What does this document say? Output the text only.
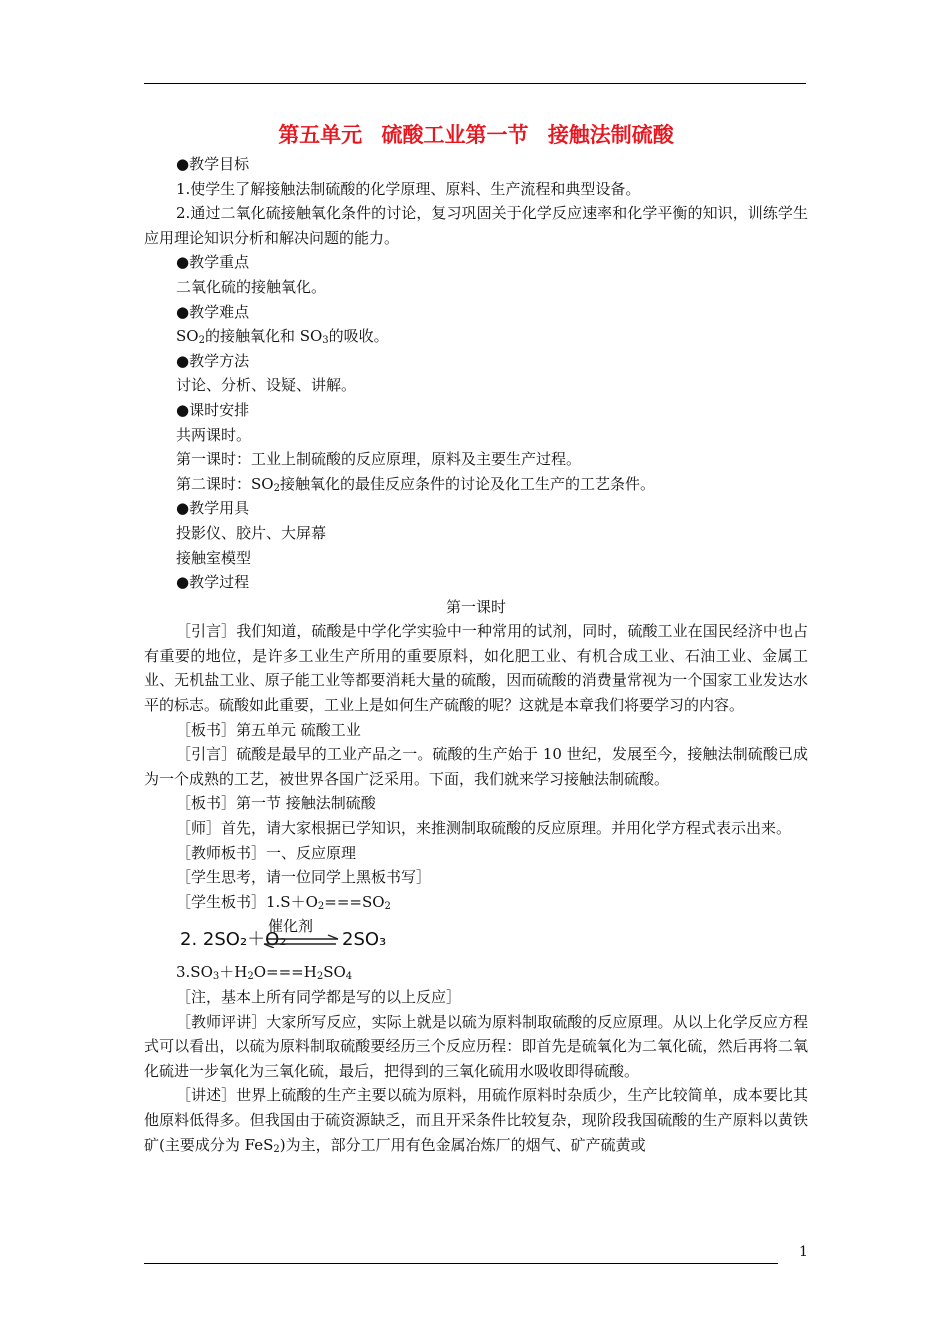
第五单元 硫酸工业第一节 接触法制硫酸

●教学目标

1.使学生了解接触法制硫酸的化学原理、原料、生产流程和典型设备。

2.通过二氧化硫接触氧化条件的讨论，复习巩固关于化学反应速率和化学平衡的知识，训练学生应用理论知识分析和解决问题的能力。

●教学重点

二氧化硫的接触氧化。

●教学难点

$SO_2$的接触氧化和 $SO_3$的吸收。

●教学方法

讨论、分析、设疑、讲解。

●课时安排

共两课时。

第一课时：工业上制硫酸的反应原理，原料及主要生产过程。

第二课时：$SO_2$接触氧化的最佳反应条件的讨论及化工生产的工艺条件。

●教学用具

投影仪、胶片、大屏幕

接触室模型

●教学过程

第一课时

［引言］我们知道，硫酸是中学化学实验中一种常用的试剂，同时，硫酸工业在国民经济中也占有重要的地位，是许多工业生产所用的重要原料，如化肥工业、有机合成工业、石油工业、金属工业、无机盐工业、原子能工业等都要消耗大量的硫酸，因而硫酸的消费量常视为一个国家工业发达水平的标志。硫酸如此重要，工业上是如何生产硫酸的呢？这就是本章我们将要学习的内容。

［板书］第五单元 硫酸工业

［引言］硫酸是最早的工业产品之一。硫酸的生产始于 10 世纪，发展至今，接触法制硫酸已成为一个成熟的工艺，被世界各国广泛采用。下面，我们就来学习接触法制硫酸。

［板书］第一节 接触法制硫酸

［师］首先，请大家根据已学知识，来推测制取硫酸的反应原理。并用化学方程式表示出来。

［教师板书］一、反应原理

［学生思考，请一位同学上黑板书写］

［学生板书$]1.S+O_2===SO_2$

2. 2SO₂＋O₂
催化剂
2SO₃

$3.SO_3+H_2O===H_2SO_4$

［注，基本上所有同学都是写的以上反应］

［教师评讲］大家所写反应，实际上就是以硫为原料制取硫酸的反应原理。从以上化学反应方程式可以看出，以硫为原料制取硫酸要经历三个反应历程：即首先是硫氧化为二氧化硫，然后再将二氧化硫进一步氧化为三氧化硫，最后，把得到的三氧化硫用水吸收即得硫酸。

［讲述］世界上硫酸的生产主要以硫为原料，用硫作原料时杂质少，生产比较简单，成本要比其他原料低得多。但我国由于硫资源缺乏，而且开采条件比较复杂，现阶段我国硫酸的生产原料以黄铁矿(主要成分为 FeS$_2$)为主，部分工厂用有色金属冶炼厂的烟气、矿产硫黄或

1
